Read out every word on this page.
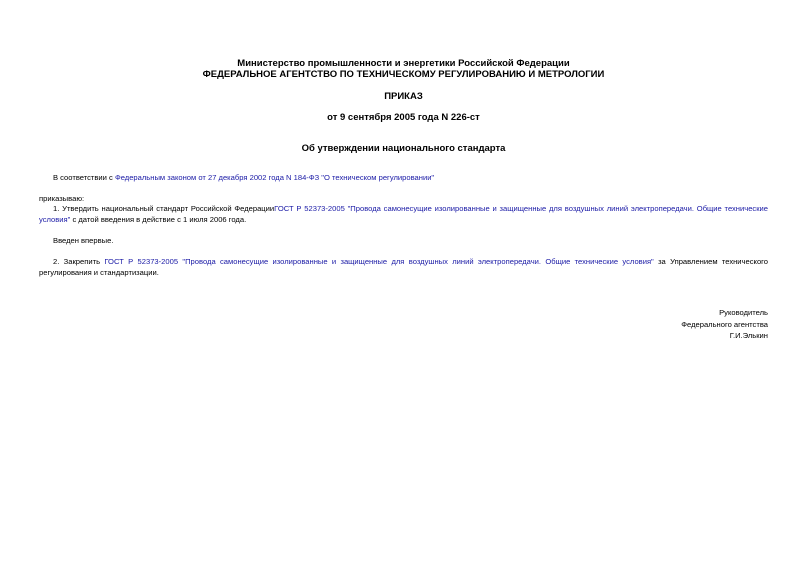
Министерство промышленности и энергетики Российской Федерации
ФЕДЕРАЛЬНОЕ АГЕНТСТВО ПО ТЕХНИЧЕСКОМУ РЕГУЛИРОВАНИЮ И МЕТРОЛОГИИ
ПРИКАЗ
от 9 сентября 2005 года N 226-ст
Об утверждении национального стандарта
В соответствии с Федеральным законом от 27 декабря 2002 года N 184-ФЗ "О техническом регулировании"
приказываю:
1. Утвердить национальный стандарт Российской ФедерацииГОСТ Р 52373-2005 "Провода самонесущие изолированные и защищенные для воздушных линий электропередачи. Общие технические условия" с датой введения в действие с 1 июля 2006 года.
Введен впервые.
2. Закрепить ГОСТ Р 52373-2005 "Провода самонесущие изолированные и защищенные для воздушных линий электропередачи. Общие технические условия" за Управлением технического регулирования и стандартизации.
Руководитель
Федерального агентства
Г.И.Элькин
